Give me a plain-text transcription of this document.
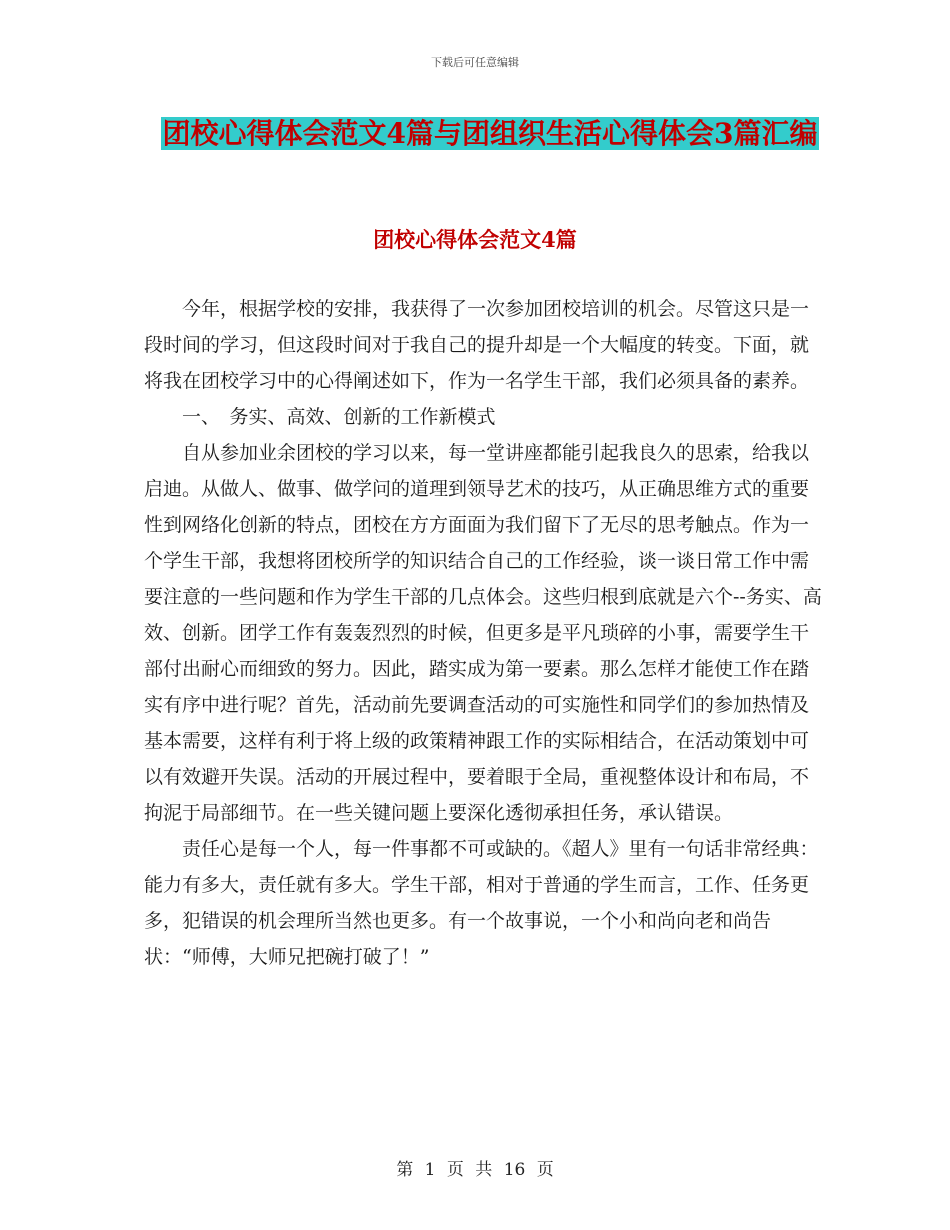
下载后可任意编辑
团校心得体会范文4篇与团组织生活心得体会3篇汇编
团校心得体会范文4篇

今年，根据学校的安排，我获得了一次参加团校培训的机会。尽管这只是一段时间的学习，但这段时间对于我自己的提升却是一个大幅度的转变。下面，就将我在团校学习中的心得阐述如下，作为一名学生干部，我们必须具备的素养。

一、　务实、高效、创新的工作新模式

自从参加业余团校的学习以来，每一堂讲座都能引起我良久的思索，给我以启迪。从做人、做事、做学问的道理到领导艺术的技巧，从正确思维方式的重要性到网络化创新的特点，团校在方方面面为我们留下了无尽的思考触点。作为一个学生干部，我想将团校所学的知识结合自己的工作经验，谈一谈日常工作中需要注意的一些问题和作为学生干部的几点体会。这些归根到底就是六个--务实、高效、创新。团学工作有轰轰烈烈的时候，但更多是平凡琐碎的小事，需要学生干部付出耐心而细致的努力。因此，踏实成为第一要素。那么怎样才能使工作在踏实有序中进行呢？首先，活动前先要调查活动的可实施性和同学们的参加热情及基本需要，这样有利于将上级的政策精神跟工作的实际相结合，在活动策划中可以有效避开失误。活动的开展过程中，要着眼于全局，重视整体设计和布局，不拘泥于局部细节。在一些关键问题上要深化透彻承担任务，承认错误。

责任心是每一个人，每一件事都不可或缺的。《超人》里有一句话非常经典：能力有多大，责任就有多大。学生干部，相对于普通的学生而言，工作、任务更多，犯错误的机会理所当然也更多。有一个故事说，一个小和尚向老和尚告状：“师傅，大师兄把碗打破了！”

第 1 页 共 16 页
